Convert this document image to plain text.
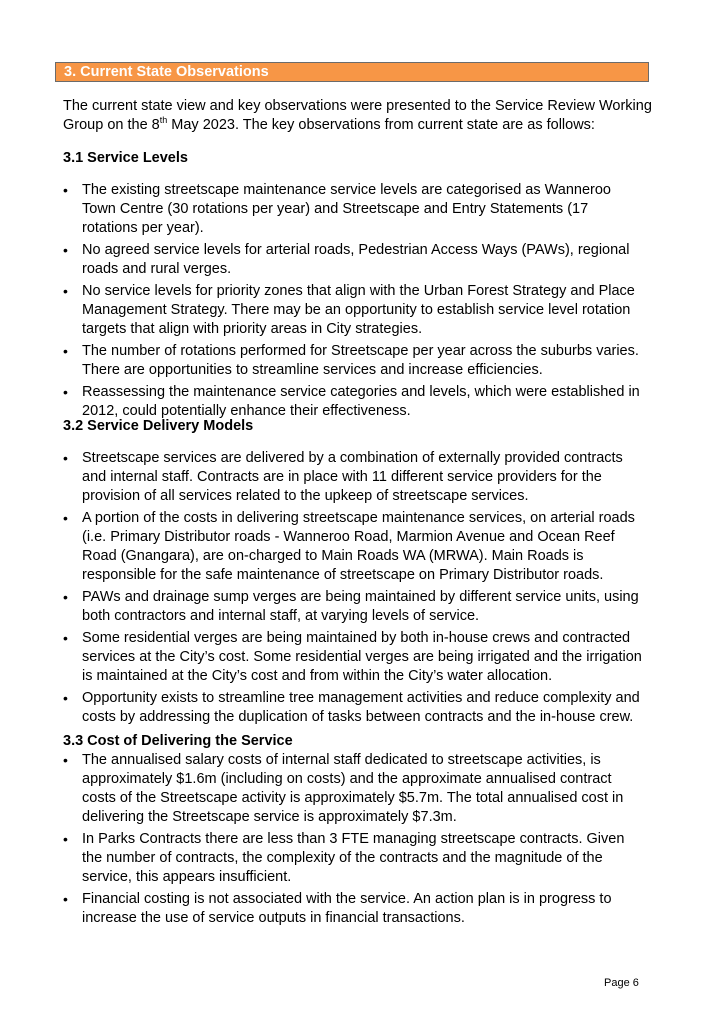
3. Current State Observations

The current state view and key observations were presented to the Service Review Working Group on the 8th May 2023. The key observations from current state are as follows:

3.1 Service Levels
• The existing streetscape maintenance service levels are categorised as Wanneroo Town Centre (30 rotations per year) and Streetscape and Entry Statements (17 rotations per year).
• No agreed service levels for arterial roads, Pedestrian Access Ways (PAWs), regional roads and rural verges.
• No service levels for priority zones that align with the Urban Forest Strategy and Place Management Strategy. There may be an opportunity to establish service level rotation targets that align with priority areas in City strategies.
• The number of rotations performed for Streetscape per year across the suburbs varies. There are opportunities to streamline services and increase efficiencies.
• Reassessing the maintenance service categories and levels, which were established in 2012, could potentially enhance their effectiveness.
3.2 Service Delivery Models
• Streetscape services are delivered by a combination of externally provided contracts and internal staff. Contracts are in place with 11 different service providers for the provision of all services related to the upkeep of streetscape services.
• A portion of the costs in delivering streetscape maintenance services, on arterial roads (i.e. Primary Distributor roads - Wanneroo Road, Marmion Avenue and Ocean Reef Road (Gnangara), are on-charged to Main Roads WA (MRWA). Main Roads is responsible for the safe maintenance of streetscape on Primary Distributor roads.
• PAWs and drainage sump verges are being maintained by different service units, using both contractors and internal staff, at varying levels of service.
• Some residential verges are being maintained by both in-house crews and contracted services at the City’s cost. Some residential verges are being irrigated and the irrigation is maintained at the City’s cost and from within the City’s water allocation.
• Opportunity exists to streamline tree management activities and reduce complexity and costs by addressing the duplication of tasks between contracts and the in-house crew.
3.3 Cost of Delivering the Service
• The annualised salary costs of internal staff dedicated to streetscape activities, is approximately $1.6m (including on costs) and the approximate annualised contract costs of the Streetscape activity is approximately $5.7m. The total annualised cost in delivering the Streetscape service is approximately $7.3m.
• In Parks Contracts there are less than 3 FTE managing streetscape contracts. Given the number of contracts, the complexity of the contracts and the magnitude of the service, this appears insufficient.
• Financial costing is not associated with the service. An action plan is in progress to increase the use of service outputs in financial transactions.

Page 6
